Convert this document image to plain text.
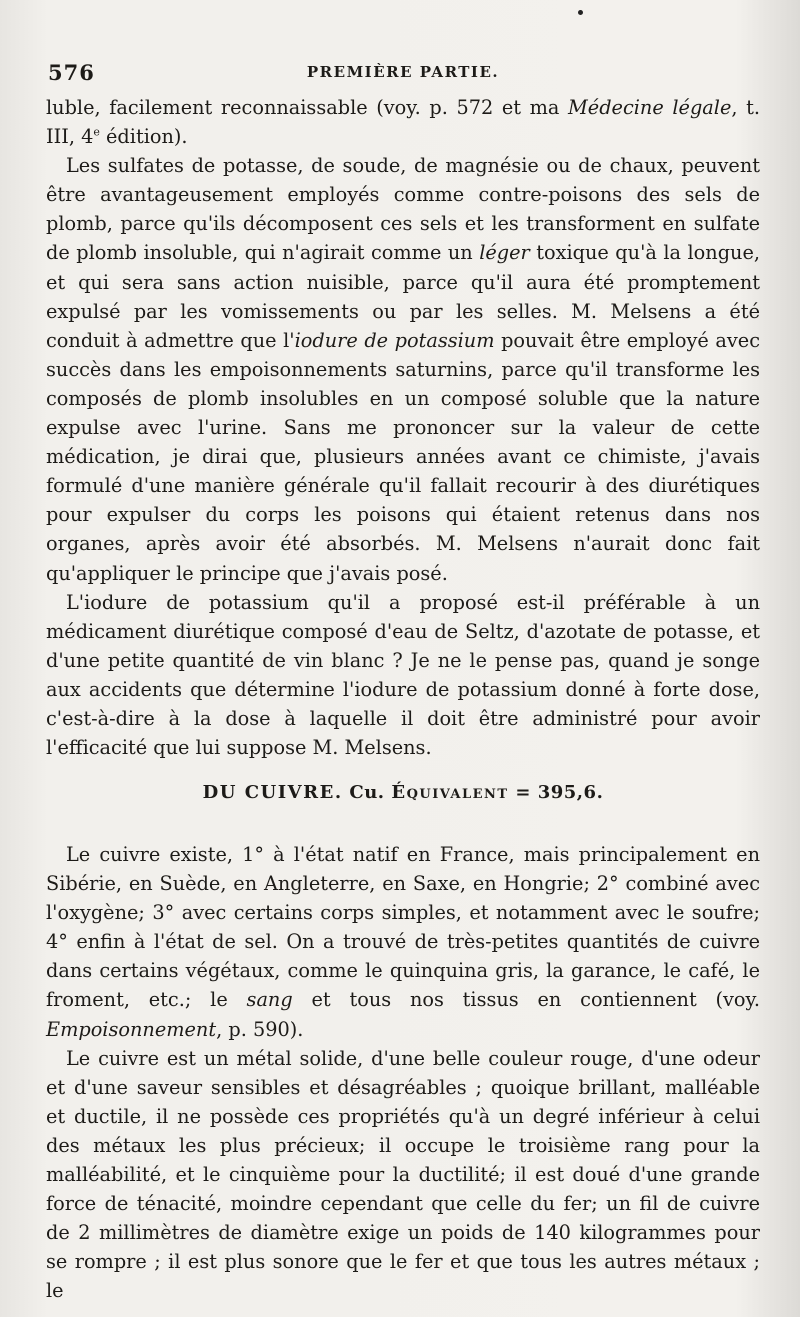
576	PREMIÈRE PARTIE.

luble, facilement reconnaissable (voy. p. 572 et ma Médecine légale, t. III, 4e édition).

Les sulfates de potasse, de soude, de magnésie ou de chaux, peuvent être avantageusement employés comme contre-poisons des sels de plomb, parce qu'ils décomposent ces sels et les transforment en sulfate de plomb insoluble, qui n'agirait comme un léger toxique qu'à la longue, et qui sera sans action nuisible, parce qu'il aura été promptement expulsé par les vomissements ou par les selles. M. Melsens a été conduit à admettre que l'iodure de potassium pouvait être employé avec succès dans les empoisonnements saturnins, parce qu'il transforme les composés de plomb insolubles en un composé soluble que la nature expulse avec l'urine. Sans me prononcer sur la valeur de cette médication, je dirai que, plusieurs années avant ce chimiste, j'avais formulé d'une manière générale qu'il fallait recourir à des diurétiques pour expulser du corps les poisons qui étaient retenus dans nos organes, après avoir été absorbés. M. Melsens n'aurait donc fait qu'appliquer le principe que j'avais posé.

L'iodure de potassium qu'il a proposé est-il préférable à un médicament diurétique composé d'eau de Seltz, d'azotate de potasse, et d'une petite quantité de vin blanc ? Je ne le pense pas, quand je songe aux accidents que détermine l'iodure de potassium donné à forte dose, c'est-à-dire à la dose à laquelle il doit être administré pour avoir l'efficacité que lui suppose M. Melsens.

DU CUIVRE. Cu. Équivalent = 395,6.

Le cuivre existe, 1° à l'état natif en France, mais principalement en Sibérie, en Suède, en Angleterre, en Saxe, en Hongrie; 2° combiné avec l'oxygène; 3° avec certains corps simples, et notamment avec le soufre; 4° enfin à l'état de sel. On a trouvé de très-petites quantités de cuivre dans certains végétaux, comme le quinquina gris, la garance, le café, le froment, etc.; le sang et tous nos tissus en contiennent (voy. Empoisonnement, p. 590).

Le cuivre est un métal solide, d'une belle couleur rouge, d'une odeur et d'une saveur sensibles et désagréables ; quoique brillant, malléable et ductile, il ne possède ces propriétés qu'à un degré inférieur à celui des métaux les plus précieux; il occupe le troisième rang pour la malléabilité, et le cinquième pour la ductilité; il est doué d'une grande force de ténacité, moindre cependant que celle du fer; un fil de cuivre de 2 millimètres de diamètre exige un poids de 140 kilogrammes pour se rompre ; il est plus sonore que le fer et que tous les autres métaux ; le
